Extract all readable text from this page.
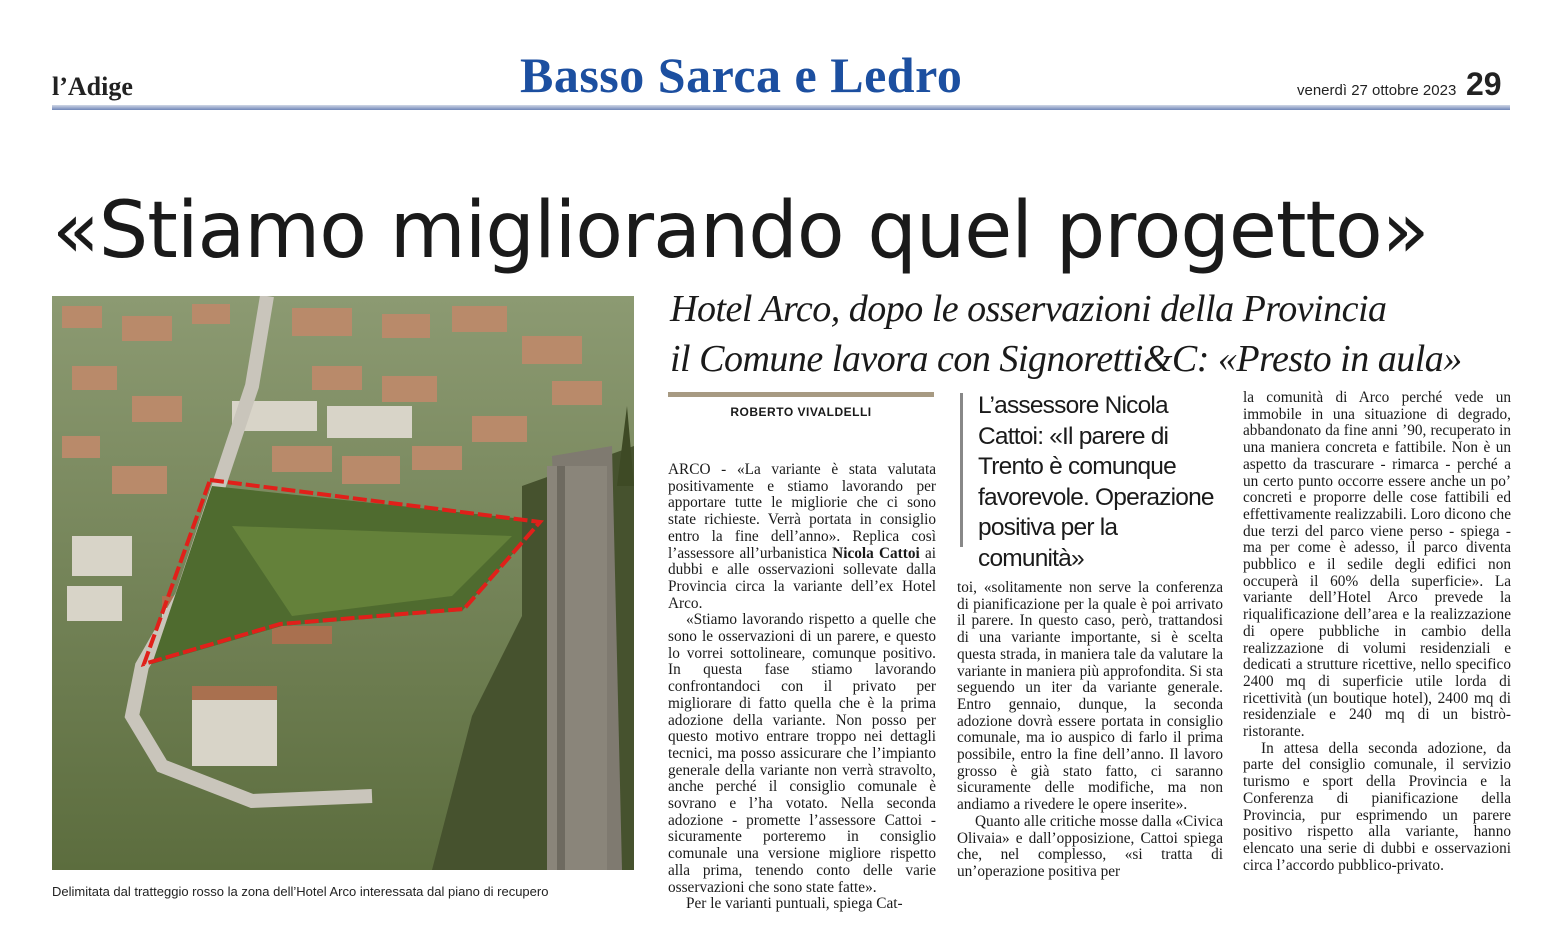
l’Adige	Basso Sarca e Ledro	venerdì 27 ottobre 2023 29
«Stiamo migliorando quel progetto»
Hotel Arco, dopo le osservazioni della Provincia
il Comune lavora con Signoretti&C: «Presto in aula»
Delimitata dal tratteggio rosso la zona dell’Hotel Arco interessata dal piano di recupero
ROBERTO VIVALDELLI

ARCO - «La variante è stata valutata positivamente e stiamo lavorando per apportare tutte le migliorie che ci sono state richieste. Verrà portata in consiglio entro la fine dell’anno». Replica così l’assessore all’urbanistica Nicola Cattoi ai dubbi e alle osservazioni sollevate dalla Provincia circa la variante dell’ex Hotel Arco.

«Stiamo lavorando rispetto a quelle che sono le osservazioni di un parere, e questo lo vorrei sottolineare, comunque positivo. In questa fase stiamo lavorando confrontandoci con il privato per migliorare di fatto quella che è la prima adozione della variante. Non posso per questo motivo entrare troppo nei dettagli tecnici, ma posso assicurare che l’impianto generale della variante non verrà stravolto, anche perché il consiglio comunale è sovrano e l’ha votato. Nella seconda adozione - promette l’assessore Cattoi - sicuramente porteremo in consiglio comunale una versione migliore rispetto alla prima, tenendo conto delle varie osservazioni che sono state fatte».

Per le varianti puntuali, spiega Cat-

L’assessore Nicola Cattoi: «Il parere di Trento è comunque favorevole. Operazione positiva per la comunità»

toi, «solitamente non serve la conferenza di pianificazione per la quale è poi arrivato il parere. In questo caso, però, trattandosi di una variante importante, si è scelta questa strada, in maniera tale da valutare la variante in maniera più approfondita. Si sta seguendo un iter da variante generale. Entro gennaio, dunque, la seconda adozione dovrà essere portata in consiglio comunale, ma io auspico di farlo il prima possibile, entro la fine dell’anno. Il lavoro grosso è già stato fatto, ci saranno sicuramente delle modifiche, ma non andiamo a rivedere le opere inserite».

Quanto alle critiche mosse dalla «Civica Olivaia» e dall’opposizione, Cattoi spiega che, nel complesso, «si tratta di un’operazione positiva per

la comunità di Arco perché vede un immobile in una situazione di degrado, abbandonato da fine anni ’90, recuperato in una maniera concreta e fattibile. Non è un aspetto da trascurare - rimarca - perché a un certo punto occorre essere anche un po’ concreti e proporre delle cose fattibili ed effettivamente realizzabili. Loro dicono che due terzi del parco viene perso - spiega - ma per come è adesso, il parco diventa pubblico e il sedile degli edifici non occuperà il 60% della superficie». La variante dell’Hotel Arco prevede la riqualificazione dell’area e la realizzazione di opere pubbliche in cambio della realizzazione di volumi residenziali e dedicati a strutture ricettive, nello specifico 2400 mq di superficie utile lorda di ricettività (un boutique hotel), 2400 mq di residenziale e 240 mq di un bistrò-ristorante.

In attesa della seconda adozione, da parte del consiglio comunale, il servizio turismo e sport della Provincia e la Conferenza di pianificazione della Provincia, pur esprimendo un parere positivo rispetto alla variante, hanno elencato una serie di dubbi e osservazioni circa l’accordo pubblico-privato.
